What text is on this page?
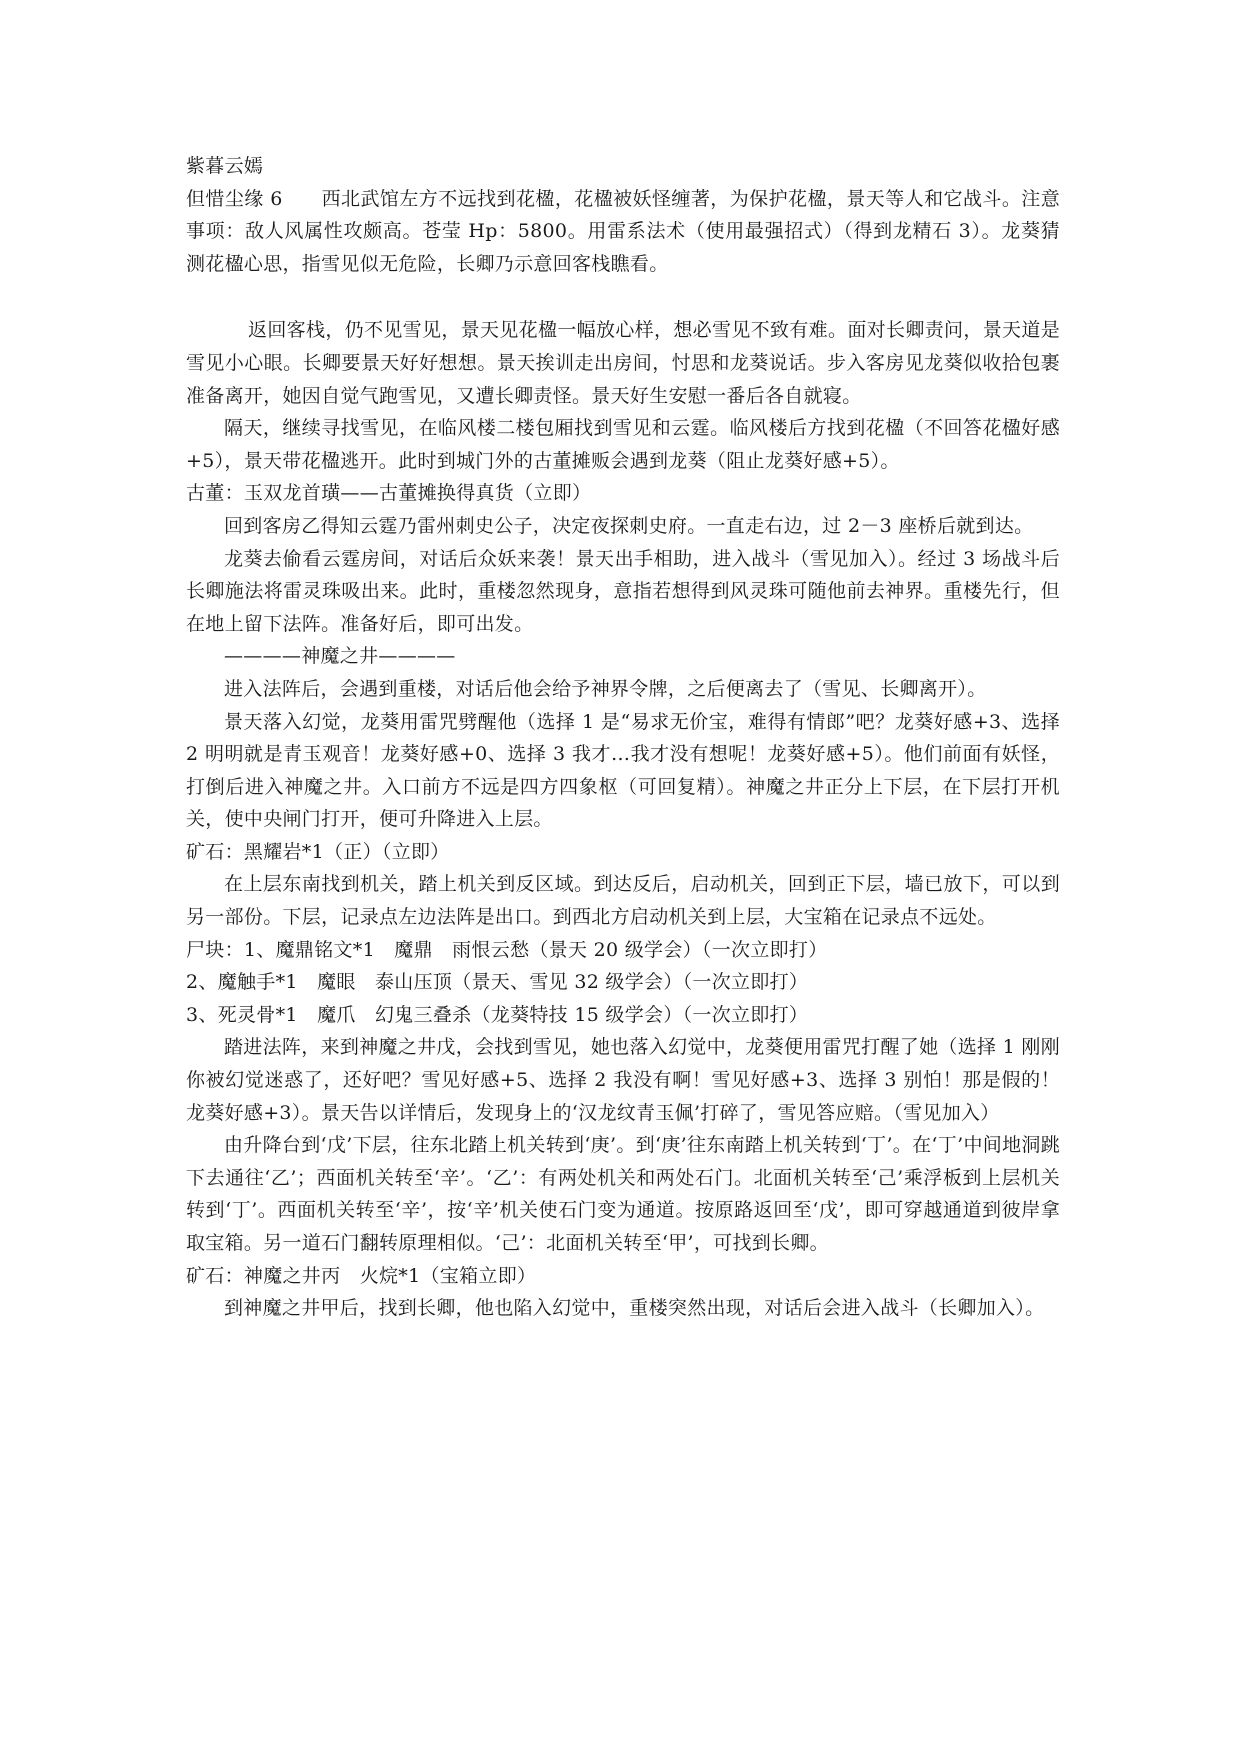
紫暮云嫣

但惜尘缘 6　　西北武馆左方不远找到花楹，花楹被妖怪缠著，为保护花楹，景天等人和它战斗。注意事项：敌人风属性攻颇高。苍莹 Hp：5800。用雷系法术（使用最强招式）（得到龙精石 3）。龙葵猜测花楹心思，指雪见似无危险，长卿乃示意回客栈瞧看。

返回客栈，仍不见雪见，景天见花楹一幅放心样，想必雪见不致有难。面对长卿责问，景天道是雪见小心眼。长卿要景天好好想想。景天挨训走出房间，忖思和龙葵说话。步入客房见龙葵似收拾包裹准备离开，她因自觉气跑雪见，又遭长卿责怪。景天好生安慰一番后各自就寝。

隔天，继续寻找雪见，在临风楼二楼包厢找到雪见和云霆。临风楼后方找到花楹（不回答花楹好感+5），景天带花楹逃开。此时到城门外的古董摊贩会遇到龙葵（阻止龙葵好感+5）。

古董：玉双龙首璜——古董摊换得真货（立即）

回到客房乙得知云霆乃雷州刺史公子，决定夜探刺史府。一直走右边，过 2－3 座桥后就到达。

龙葵去偷看云霆房间，对话后众妖来袭！景天出手相助，进入战斗（雪见加入）。经过 3 场战斗后长卿施法将雷灵珠吸出来。此时，重楼忽然现身，意指若想得到风灵珠可随他前去神界。重楼先行，但在地上留下法阵。准备好后，即可出发。

————神魔之井————

进入法阵后，会遇到重楼，对话后他会给予神界令牌，之后便离去了（雪见、长卿离开）。

景天落入幻觉，龙葵用雷咒劈醒他（选择 1 是“易求无价宝，难得有情郎”吧？龙葵好感+3、选择 2 明明就是青玉观音！龙葵好感+0、选择 3 我才…我才没有想呢！龙葵好感+5）。他们前面有妖怪，打倒后进入神魔之井。入口前方不远是四方四象枢（可回复精）。神魔之井正分上下层，在下层打开机关，使中央闸门打开，便可升降进入上层。

矿石：黑耀岩*1（正）（立即）

在上层东南找到机关，踏上机关到反区域。到达反后，启动机关，回到正下层，墙已放下，可以到另一部份。下层，记录点左边法阵是出口。到西北方启动机关到上层，大宝箱在记录点不远处。

尸块：1、魔鼎铭文*1　魔鼎　雨恨云愁（景天 20 级学会）（一次立即打）

2、魔触手*1　魔眼　泰山压顶（景天、雪见 32 级学会）（一次立即打）

3、死灵骨*1　魔爪　幻鬼三叠杀（龙葵特技 15 级学会）（一次立即打）

踏进法阵，来到神魔之井戊，会找到雪见，她也落入幻觉中，龙葵便用雷咒打醒了她（选择 1 刚刚你被幻觉迷惑了，还好吧？雪见好感+5、选择 2 我没有啊！雪见好感+3、选择 3 别怕！那是假的！龙葵好感+3）。景天告以详情后，发现身上的‘汉龙纹青玉佩’打碎了，雪见答应赔。（雪见加入）

由升降台到‘戊’下层，往东北踏上机关转到‘庚’。到‘庚’往东南踏上机关转到‘丁’。在‘丁’中间地洞跳下去通往‘乙’；西面机关转至‘辛’。‘乙’：有两处机关和两处石门。北面机关转至‘己’乘浮板到上层机关转到‘丁’。西面机关转至‘辛’，按‘辛’机关使石门变为通道。按原路返回至‘戊’，即可穿越通道到彼岸拿取宝箱。另一道石门翻转原理相似。‘己’：北面机关转至‘甲’，可找到长卿。

矿石：神魔之井丙　火烷*1（宝箱立即）

到神魔之井甲后，找到长卿，他也陷入幻觉中，重楼突然出现，对话后会进入战斗（长卿加入）。
